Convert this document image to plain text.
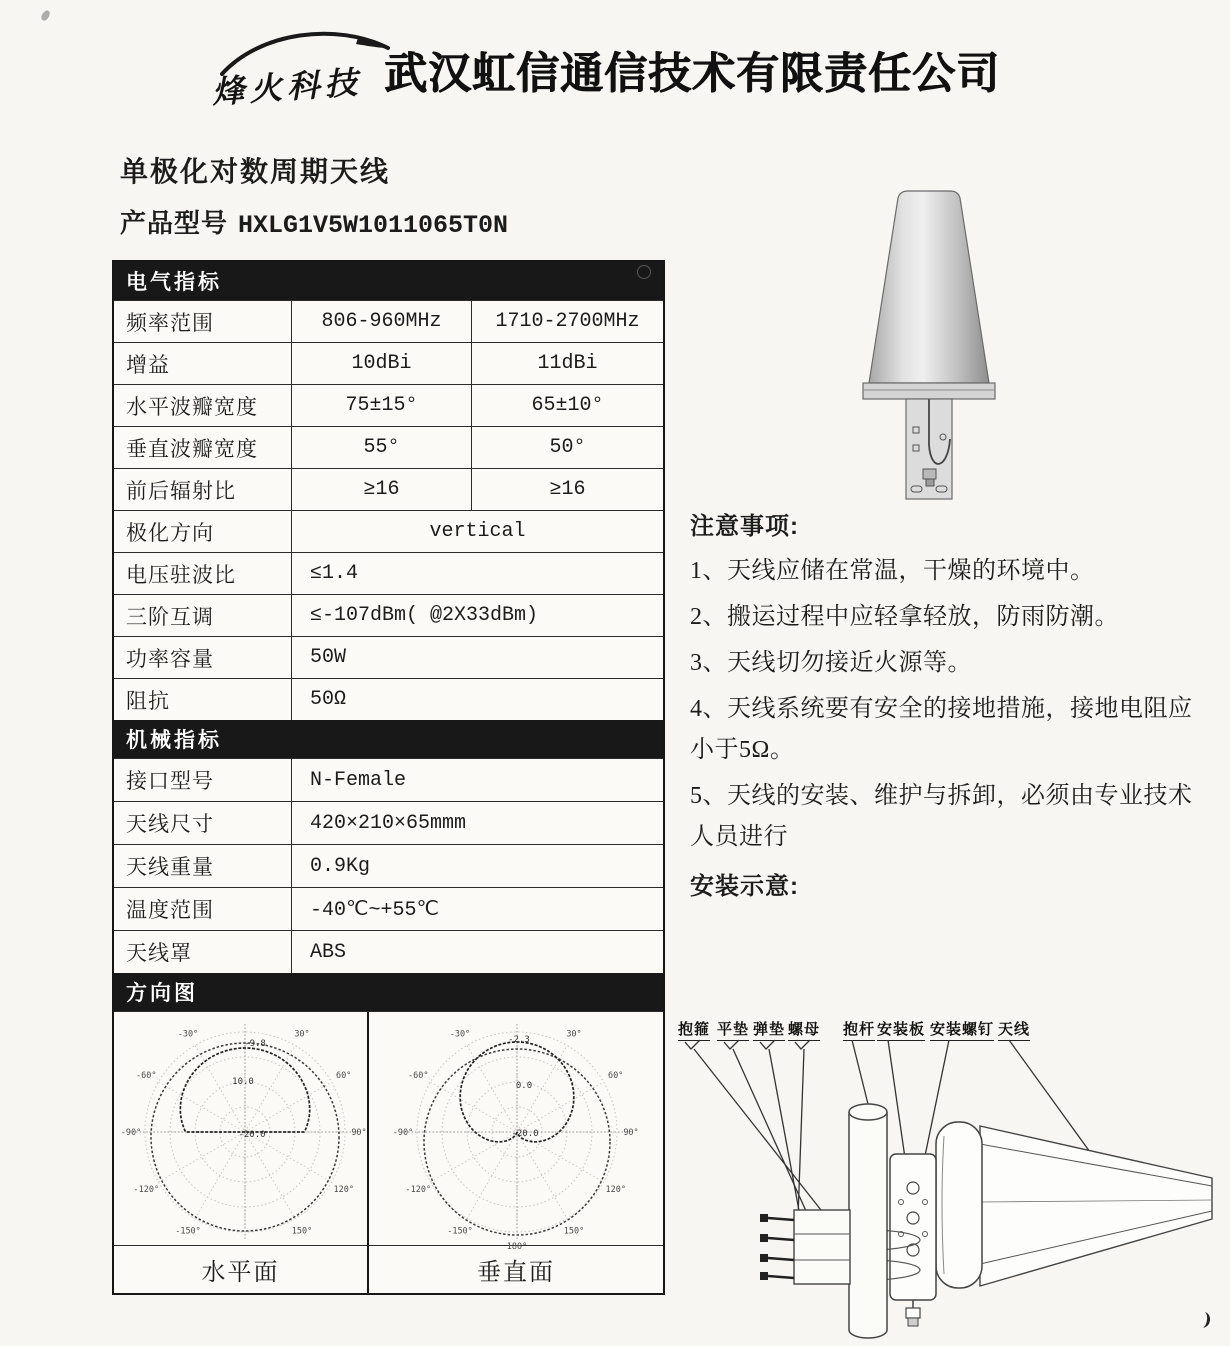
烽火科技 武汉虹信通信技术有限责任公司
单极化对数周期天线
产品型号 HXLG1V5W1011065T0N
电气指标
频率范围	806-960MHz	1710-2700MHz
增益	10dBi	11dBi
水平波瓣宽度	75±15°	65±10°
垂直波瓣宽度	55°	50°
前后辐射比	≥16	≥16
极化方向	vertical
电压驻波比	≤1.4
三阶互调	≤-107dBm( @2X33dBm)
功率容量	50W
阻抗	50Ω
机械指标
接口型号	N-Female
天线尺寸	420×210×65mmm
天线重量	0.9Kg
温度范围	-40℃~+55℃
天线罩	ABS
方向图
-150°
-120°
-90°
-60°
-30°	30°
60°
90°
120°
150°
-9.8
10.0
-20.0
-150°
-120°
-90°
-60°
-30°	30°
60°
90°
120°
150°
180°
-2.3
0.0
-20.0
水平面	垂直面
注意事项:
1、天线应储在常温，干燥的环境中。
2、搬运过程中应轻拿轻放，防雨防潮。
3、天线切勿接近火源等。
4、天线系统要有安全的接地措施，接地电阻应小于5Ω。
5、天线的安装、维护与拆卸，必须由专业技术人员进行
安装示意:
抱箍 平垫 弹垫 螺母 抱杆 安装板 安装螺钉 天线
